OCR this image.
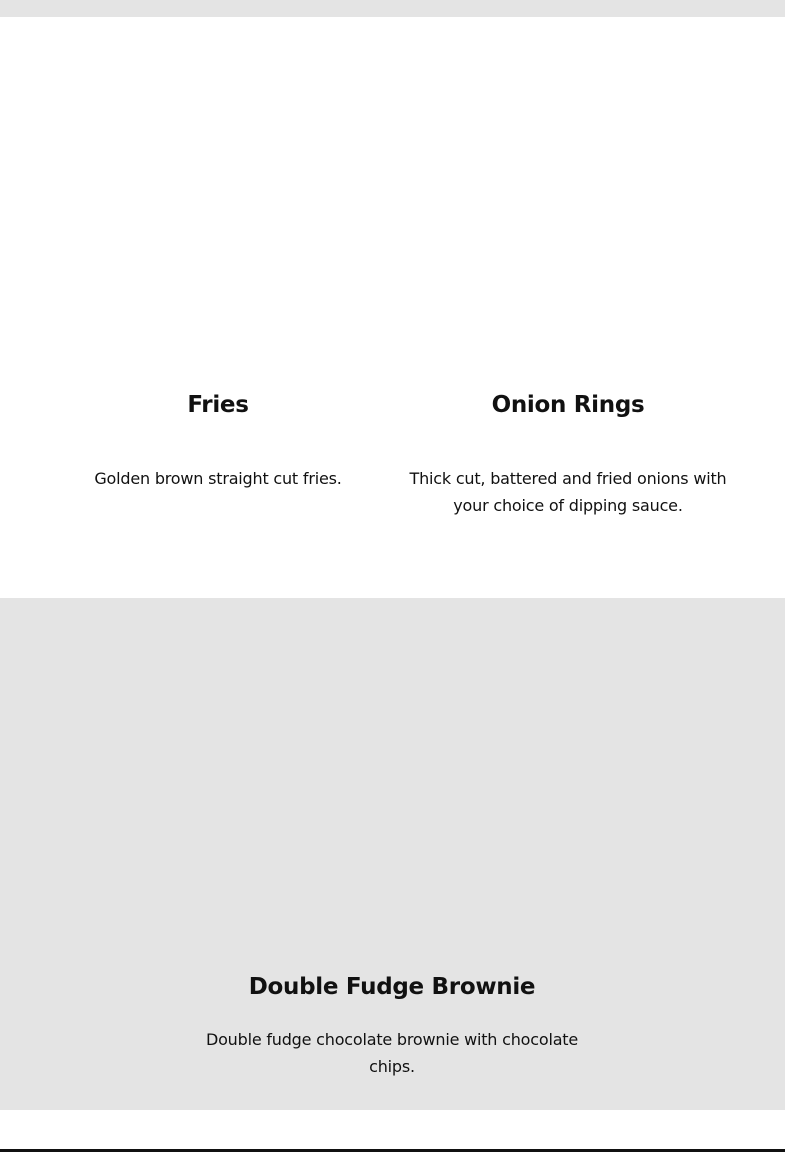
Fries

Golden brown straight cut fries.

Onion Rings

Thick cut, battered and fried onions with your choice of dipping sauce.

Double Fudge Brownie

Double fudge chocolate brownie with chocolate chips.
